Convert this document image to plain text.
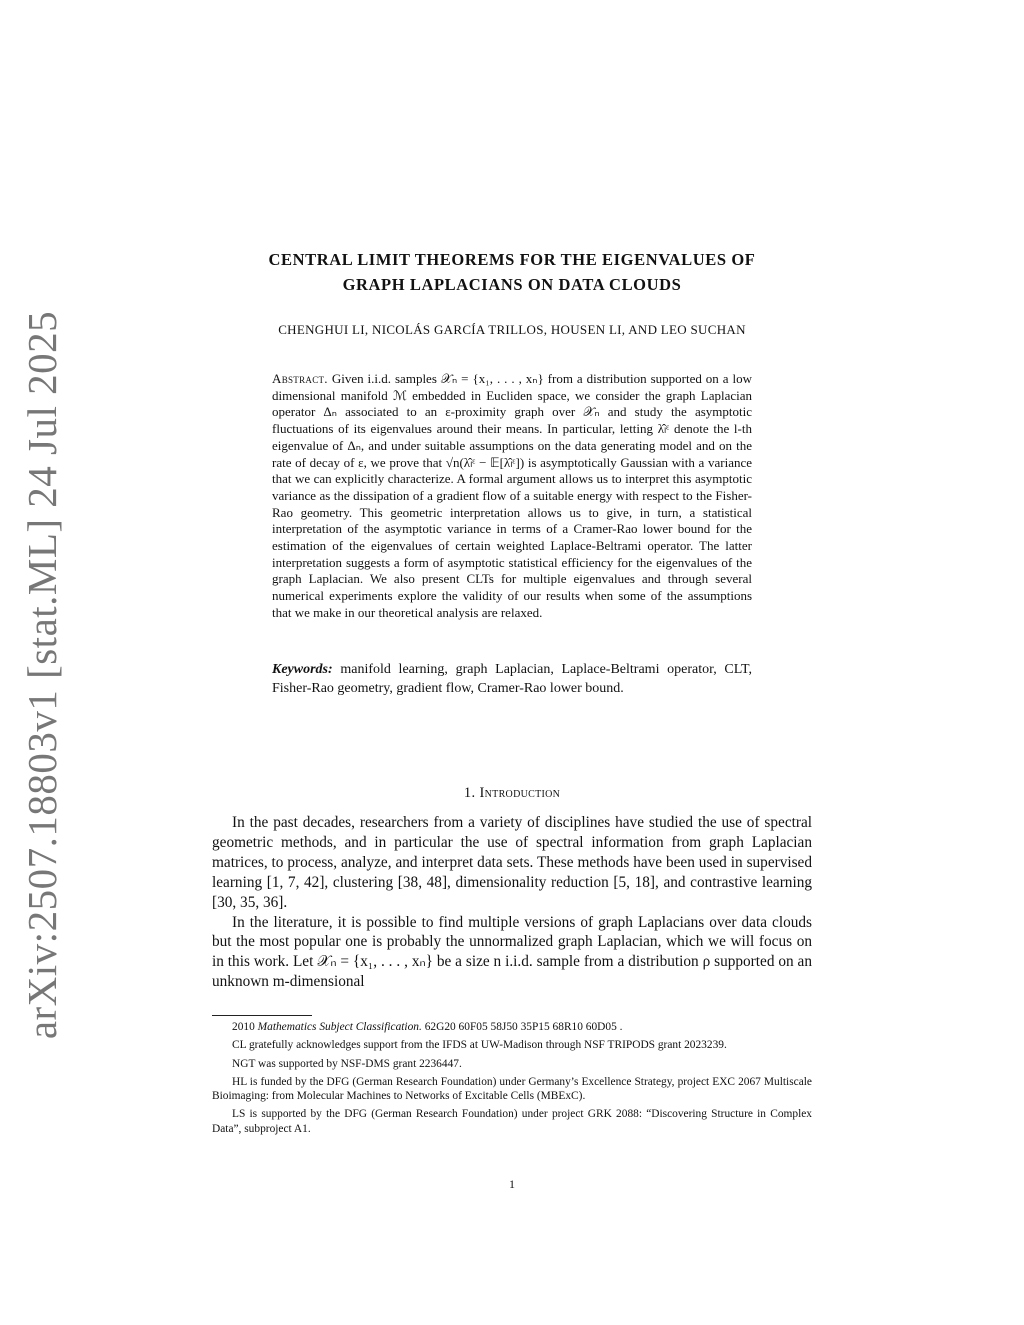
arXiv:2507.18803v1 [stat.ML] 24 Jul 2025
CENTRAL LIMIT THEOREMS FOR THE EIGENVALUES OF
GRAPH LAPLACIANS ON DATA CLOUDS
CHENGHUI LI, NICOLÁS GARCÍA TRILLOS, HOUSEN LI, AND LEO SUCHAN
Abstract. Given i.i.d. samples 𝒳ₙ = {x₁, . . . , xₙ} from a distribution supported on a low dimensional manifold ℳ embedded in Eucliden space, we consider the graph Laplacian operator Δₙ associated to an ε-proximity graph over 𝒳ₙ and study the asymptotic fluctuations of its eigenvalues around their means. In particular, letting λ̂ₗᵋ denote the l-th eigenvalue of Δₙ, and under suitable assumptions on the data generating model and on the rate of decay of ε, we prove that √n(λ̂ₗᵋ − 𝔼[λ̂ₗᵋ]) is asymptotically Gaussian with a variance that we can explicitly characterize. A formal argument allows us to interpret this asymptotic variance as the dissipation of a gradient flow of a suitable energy with respect to the Fisher-Rao geometry. This geometric interpretation allows us to give, in turn, a statistical interpretation of the asymptotic variance in terms of a Cramer-Rao lower bound for the estimation of the eigenvalues of certain weighted Laplace-Beltrami operator. The latter interpretation suggests a form of asymptotic statistical efficiency for the eigenvalues of the graph Laplacian. We also present CLTs for multiple eigenvalues and through several numerical experiments explore the validity of our results when some of the assumptions that we make in our theoretical analysis are relaxed.
Keywords: manifold learning, graph Laplacian, Laplace-Beltrami operator, CLT, Fisher-Rao geometry, gradient flow, Cramer-Rao lower bound.
1. Introduction

In the past decades, researchers from a variety of disciplines have studied the use of spectral geometric methods, and in particular the use of spectral information from graph Laplacian matrices, to process, analyze, and interpret data sets. These methods have been used in supervised learning [1, 7, 42], clustering [38, 48], dimensionality reduction [5, 18], and contrastive learning [30, 35, 36].

In the literature, it is possible to find multiple versions of graph Laplacians over data clouds but the most popular one is probably the unnormalized graph Laplacian, which we will focus on in this work. Let 𝒳ₙ = {x₁, . . . , xₙ} be a size n i.i.d. sample from a distribution ρ supported on an unknown m-dimensional

2010 Mathematics Subject Classification. 62G20 60F05 58J50 35P15 68R10 60D05 .

CL gratefully acknowledges support from the IFDS at UW-Madison through NSF TRIPODS grant 2023239.

NGT was supported by NSF-DMS grant 2236447.

HL is funded by the DFG (German Research Foundation) under Germany’s Excellence Strategy, project EXC 2067 Multiscale Bioimaging: from Molecular Machines to Networks of Excitable Cells (MBExC).

LS is supported by the DFG (German Research Foundation) under project GRK 2088: “Discovering Structure in Complex Data”, subproject A1.

1
